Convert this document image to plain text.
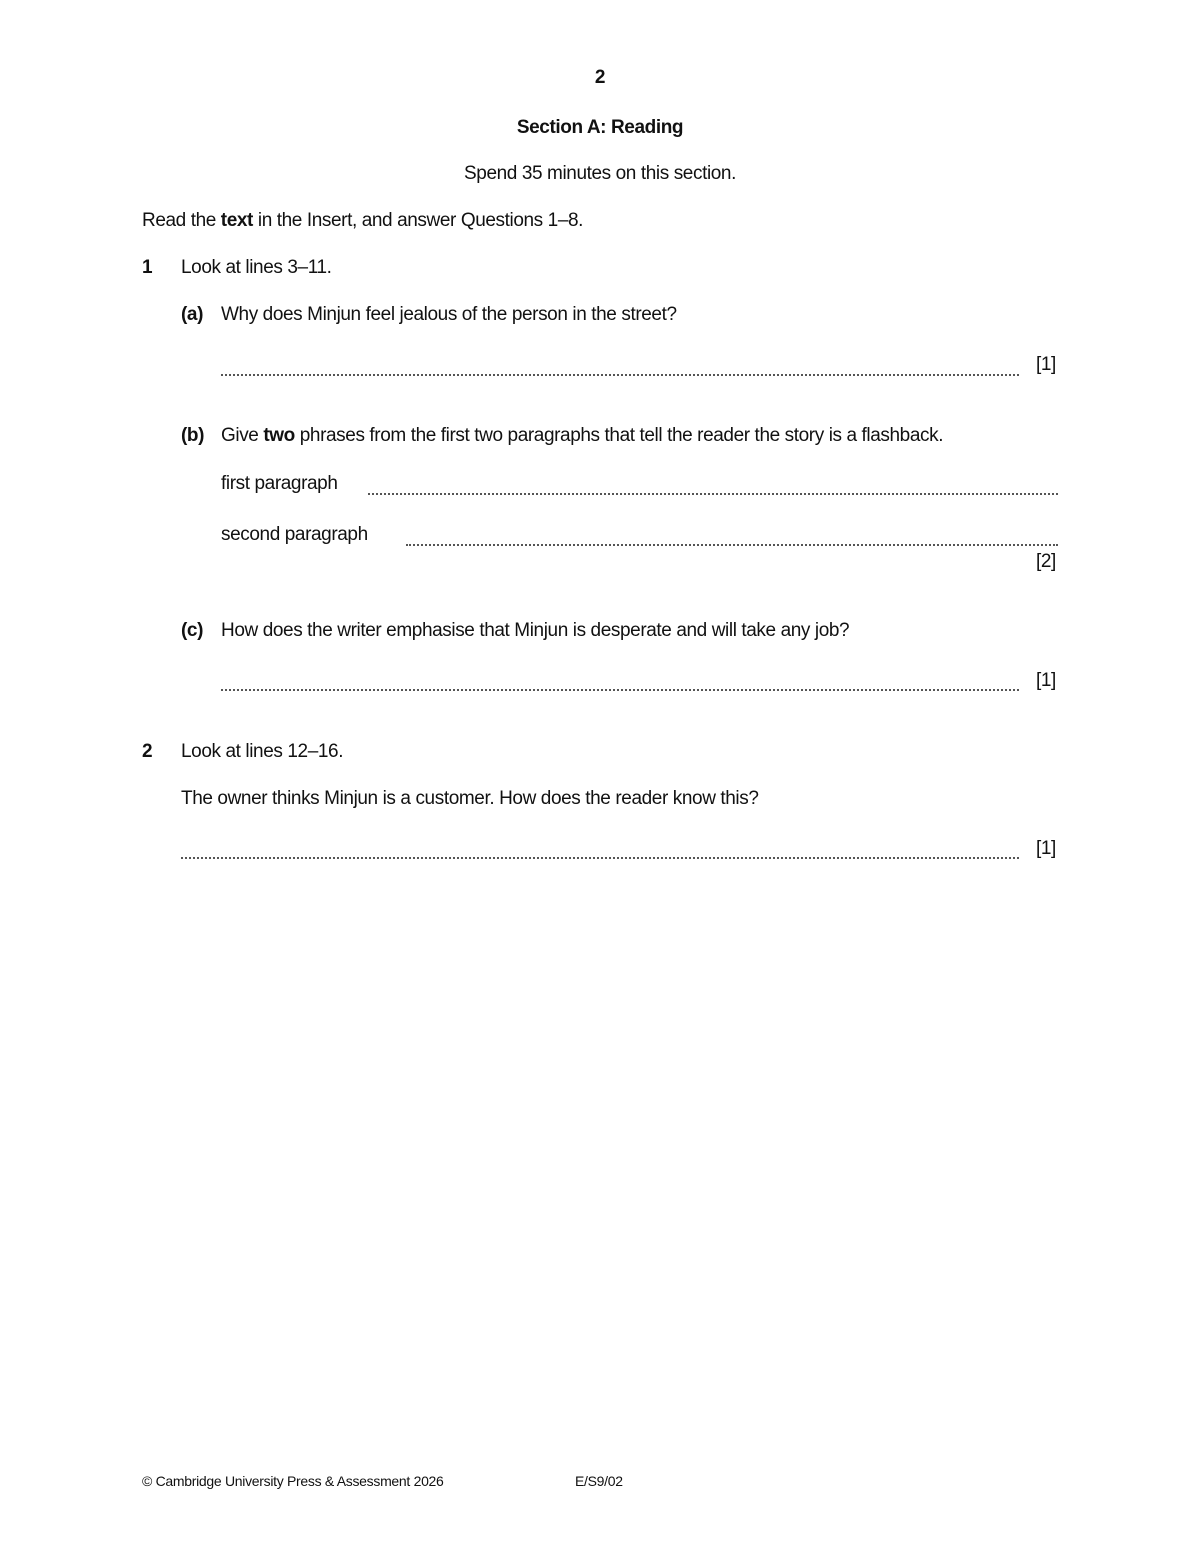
2
Section A: Reading
Spend 35 minutes on this section.
Read the text in the Insert, and answer Questions 1–8.
1 Look at lines 3–11.
(a) Why does Minjun feel jealous of the person in the street?
[1]
(b) Give two phrases from the first two paragraphs that tell the reader the story is a flashback.
first paragraph
second paragraph
[2]
(c) How does the writer emphasise that Minjun is desperate and will take any job?
[1]
2 Look at lines 12–16.
The owner thinks Minjun is a customer. How does the reader know this?
[1]
© Cambridge University Press & Assessment 2026	E/S9/02
